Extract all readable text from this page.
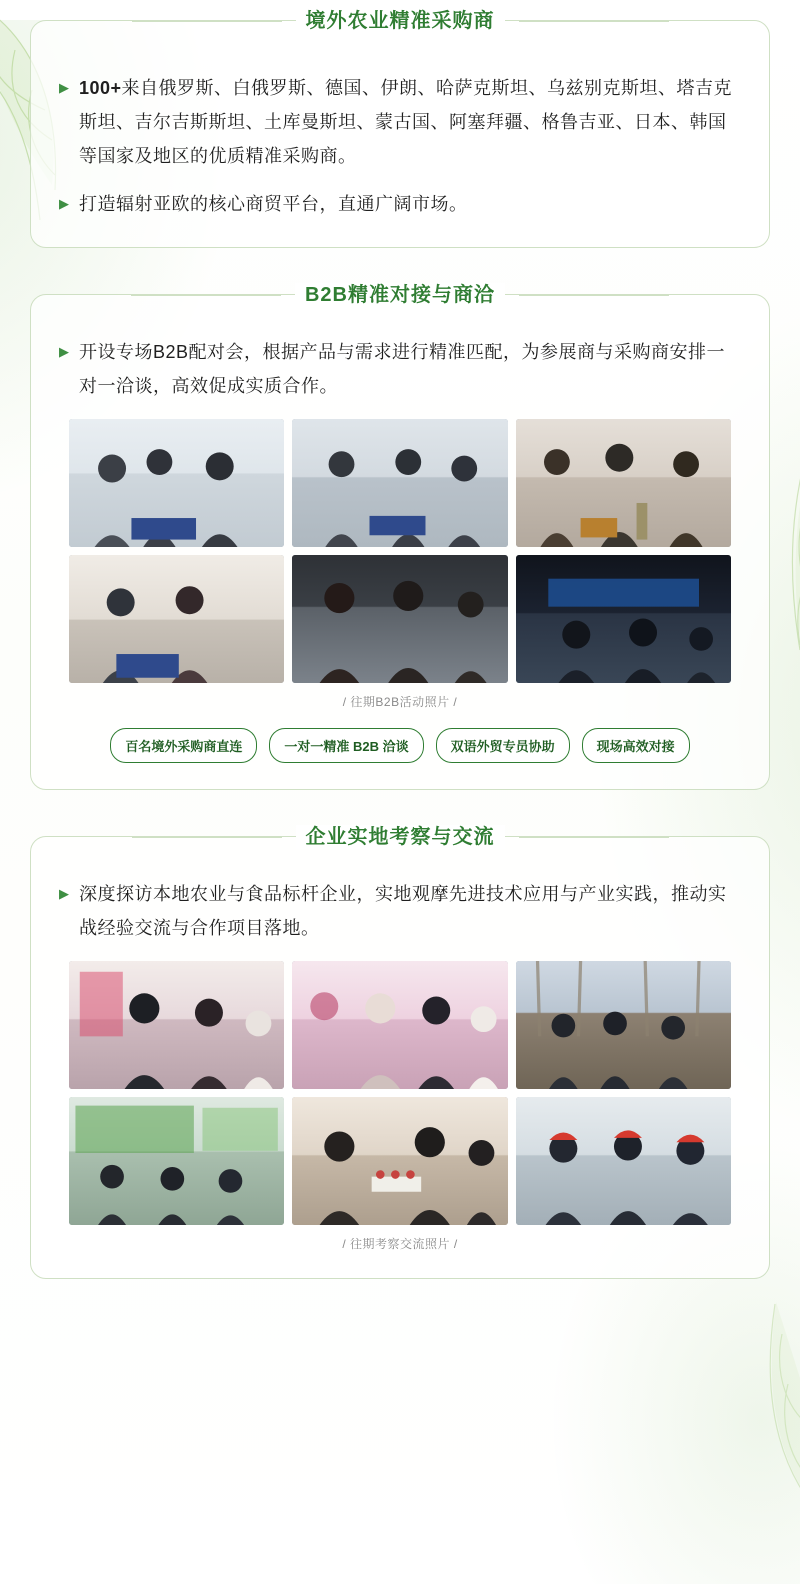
境外农业精准采购商
▶ 100+来自俄罗斯、白俄罗斯、德国、伊朗、哈萨克斯坦、乌兹别克斯坦、塔吉克斯坦、吉尔吉斯斯坦、土库曼斯坦、蒙古国、阿塞拜疆、格鲁吉亚、日本、韩国等国家及地区的优质精准采购商。
▶ 打造辐射亚欧的核心商贸平台，直通广阔市场。
B2B精准对接与商洽
▶ 开设专场B2B配对会，根据产品与需求进行精准匹配，为参展商与采购商安排一对一洽谈，高效促成实质合作。
/ 往期B2B活动照片 /
百名境外采购商直连	一对一精准 B2B 洽谈	双语外贸专员协助	现场高效对接
企业实地考察与交流
▶ 深度探访本地农业与食品标杆企业，实地观摩先进技术应用与产业实践，推动实战经验交流与合作项目落地。
/ 往期考察交流照片 /
